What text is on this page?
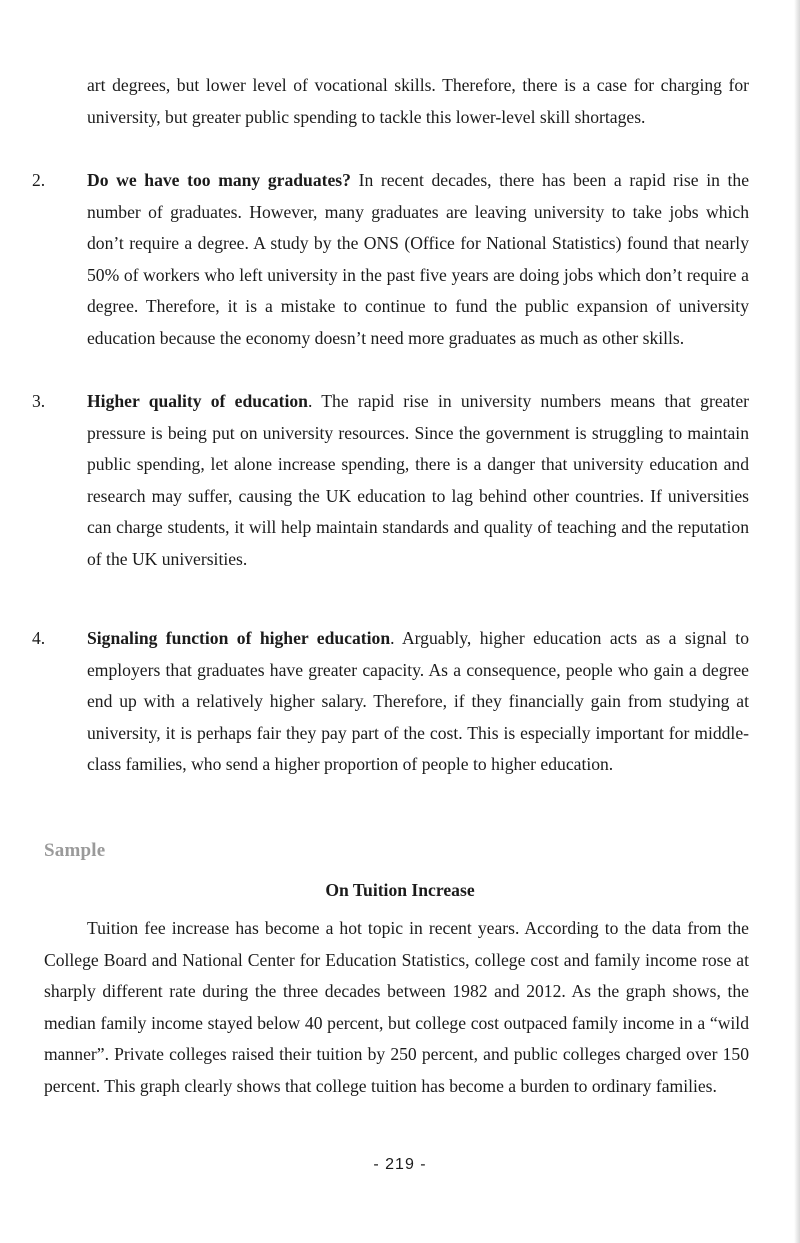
art degrees, but lower level of vocational skills. Therefore, there is a case for charging for university, but greater public spending to tackle this lower-level skill shortages.

2.	Do we have too many graduates? In recent decades, there has been a rapid rise in the number of graduates. However, many graduates are leaving university to take jobs which don’t require a degree. A study by the ONS (Office for National Statistics) found that nearly 50% of workers who left university in the past five years are doing jobs which don’t require a degree. Therefore, it is a mistake to continue to fund the public expansion of university education because the economy doesn’t need more graduates as much as other skills.

3.	Higher quality of education. The rapid rise in university numbers means that greater pressure is being put on university resources. Since the government is struggling to maintain public spending, let alone increase spending, there is a danger that university education and research may suffer, causing the UK education to lag behind other countries. If universities can charge students, it will help maintain standards and quality of teaching and the reputation of the UK universities.

4.	Signaling function of higher education. Arguably, higher education acts as a signal to employers that graduates have greater capacity. As a consequence, people who gain a degree end up with a relatively higher salary. Therefore, if they financially gain from studying at university, it is perhaps fair they pay part of the cost. This is especially important for middle-class families, who send a higher proportion of people to higher education.

Sample
On Tuition Increase

Tuition fee increase has become a hot topic in recent years. According to the data from the College Board and National Center for Education Statistics, college cost and family income rose at sharply different rate during the three decades between 1982 and 2012. As the graph shows, the median family income stayed below 40 percent, but college cost outpaced family income in a “wild manner”. Private colleges raised their tuition by 250 percent, and public colleges charged over 150 percent. This graph clearly shows that college tuition has become a burden to ordinary families.

- 219 -
